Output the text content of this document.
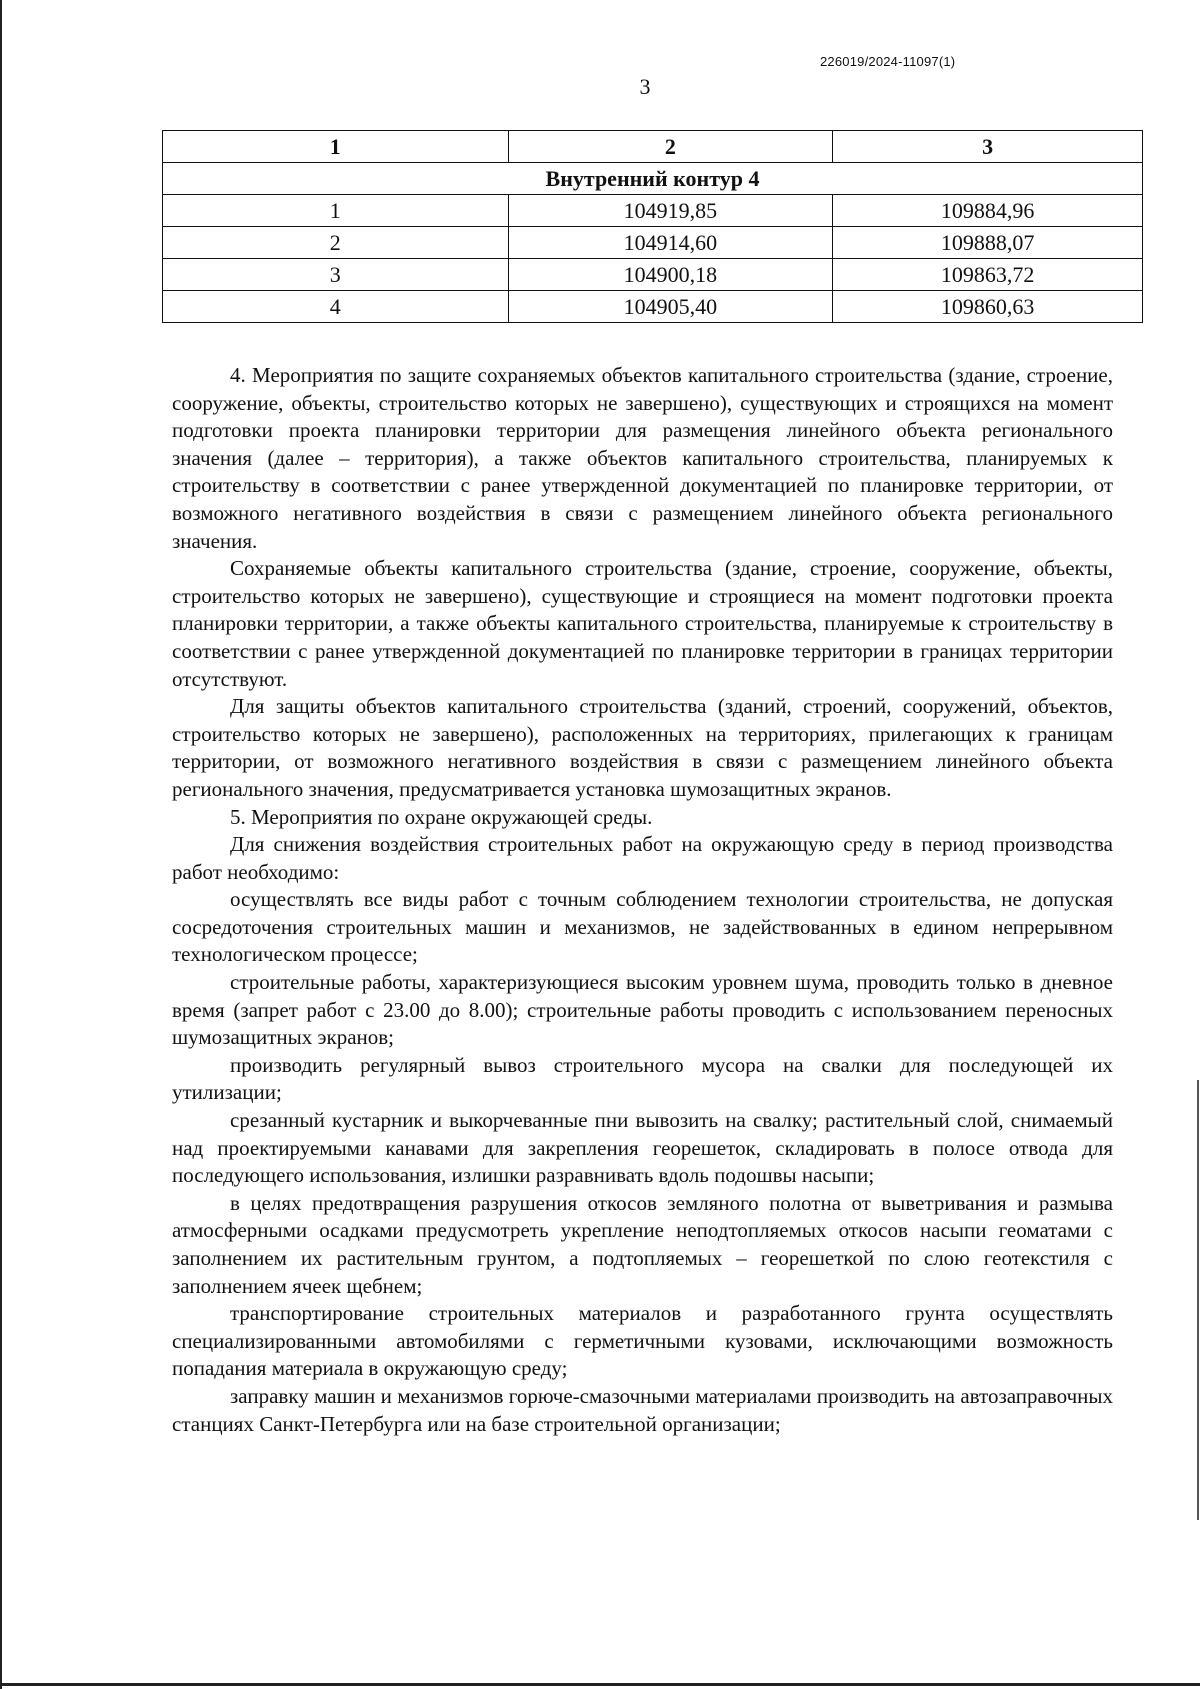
226019/2024-11097(1)
3
1	2	3
Внутренний контур 4		
1	104919,85	109884,96
2	104914,60	109888,07
3	104900,18	109863,72
4	104905,40	109860,63

4. Мероприятия по защите сохраняемых объектов капитального строительства (здание, строение, сооружение, объекты, строительство которых не завершено), существующих и строящихся на момент подготовки проекта планировки территории для размещения линейного объекта регионального значения (далее – территория), а также объектов капитального строительства, планируемых к строительству в соответствии с ранее утвержденной документацией по планировке территории, от возможного негативного воздействия в связи с размещением линейного объекта регионального значения.

Сохраняемые объекты капитального строительства (здание, строение, сооружение, объекты, строительство которых не завершено), существующие и строящиеся на момент подготовки проекта планировки территории, а также объекты капитального строительства, планируемые к строительству в соответствии с ранее утвержденной документацией по планировке территории в границах территории отсутствуют.

Для защиты объектов капитального строительства (зданий, строений, сооружений, объектов, строительство которых не завершено), расположенных на территориях, прилегающих к границам территории, от возможного негативного воздействия в связи с размещением линейного объекта регионального значения, предусматривается установка шумозащитных экранов.

5. Мероприятия по охране окружающей среды.

Для снижения воздействия строительных работ на окружающую среду в период производства работ необходимо:

осуществлять все виды работ с точным соблюдением технологии строительства, не допуская сосредоточения строительных машин и механизмов, не задействованных в едином непрерывном технологическом процессе;

строительные работы, характеризующиеся высоким уровнем шума, проводить только в дневное время (запрет работ с 23.00 до 8.00); строительные работы проводить с использованием переносных шумозащитных экранов;

производить регулярный вывоз строительного мусора на свалки для последующей их утилизации;

срезанный кустарник и выкорчеванные пни вывозить на свалку; растительный слой, снимаемый над проектируемыми канавами для закрепления георешеток, складировать в полосе отвода для последующего использования, излишки разравнивать вдоль подошвы насыпи;

в целях предотвращения разрушения откосов земляного полотна от выветривания и размыва атмосферными осадками предусмотреть укрепление неподтопляемых откосов насыпи геоматами с заполнением их растительным грунтом, а подтопляемых – георешеткой по слою геотекстиля с заполнением ячеек щебнем;

транспортирование строительных материалов и разработанного грунта осуществлять специализированными автомобилями с герметичными кузовами, исключающими возможность попадания материала в окружающую среду;

заправку машин и механизмов горюче-смазочными материалами производить на автозаправочных станциях Санкт-Петербурга или на базе строительной организации;
